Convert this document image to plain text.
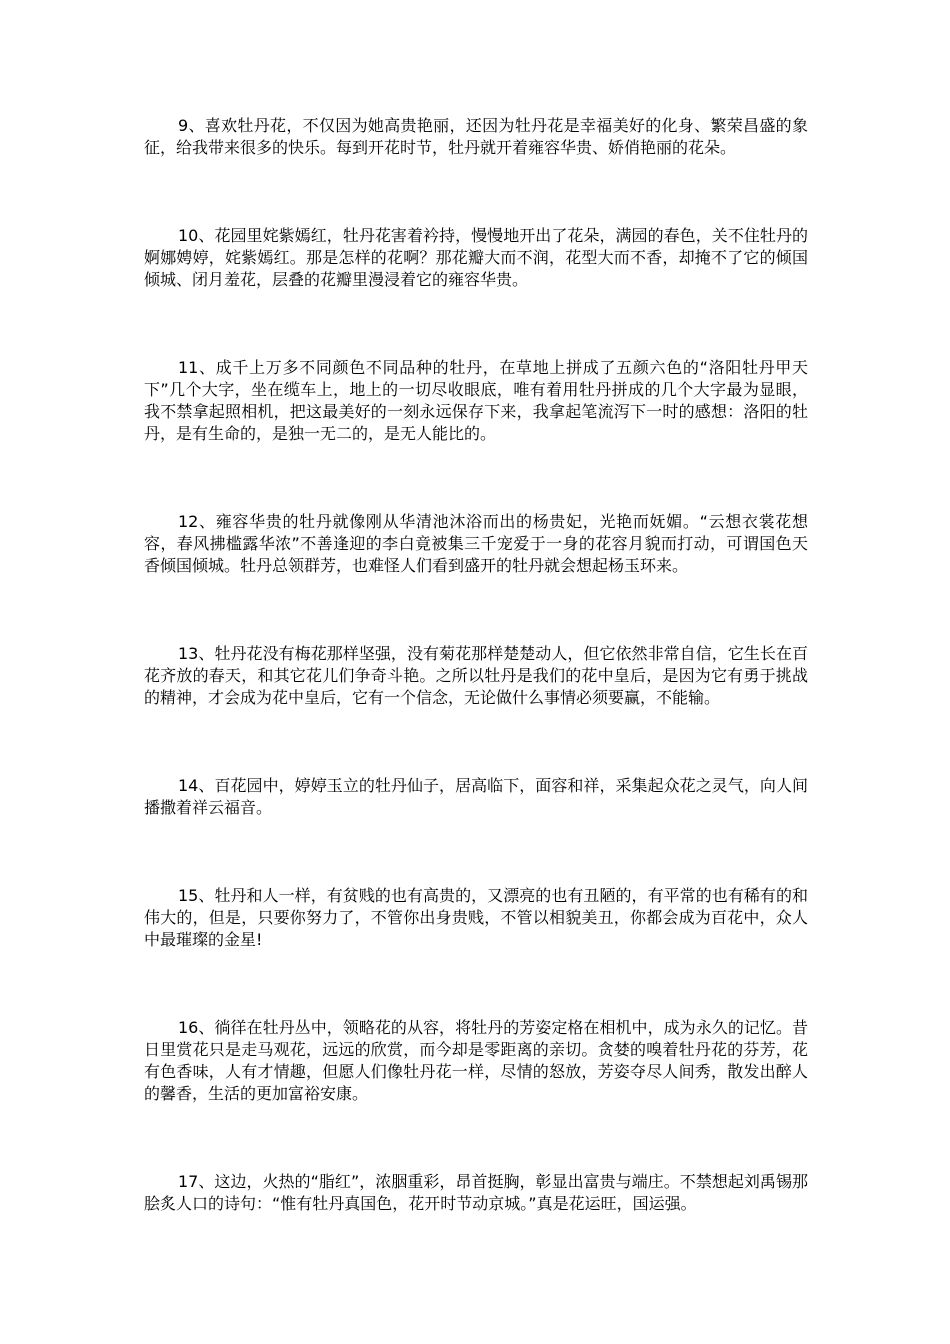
9、喜欢牡丹花，不仅因为她高贵艳丽，还因为牡丹花是幸福美好的化身、繁荣昌盛的象征，给我带来很多的快乐。每到开花时节，牡丹就开着雍容华贵、娇俏艳丽的花朵。

10、花园里姹紫嫣红，牡丹花害着衿持，慢慢地开出了花朵，满园的春色，关不住牡丹的婀娜娉婷，姹紫嫣红。那是怎样的花啊？那花瓣大而不润，花型大而不香，却掩不了它的倾国倾城、闭月羞花，层叠的花瓣里漫浸着它的雍容华贵。

11、成千上万多不同颜色不同品种的牡丹，在草地上拼成了五颜六色的“洛阳牡丹甲天下”几个大字，坐在缆车上，地上的一切尽收眼底，唯有着用牡丹拼成的几个大字最为显眼，我不禁拿起照相机，把这最美好的一刻永远保存下来，我拿起笔流泻下一时的感想：洛阳的牡丹，是有生命的，是独一无二的，是无人能比的。

12、雍容华贵的牡丹就像刚从华清池沐浴而出的杨贵妃，光艳而妩媚。“云想衣裳花想容，春风拂槛露华浓”不善逢迎的李白竟被集三千宠爱于一身的花容月貌而打动，可谓国色天香倾国倾城。牡丹总领群芳，也难怪人们看到盛开的牡丹就会想起杨玉环来。

13、牡丹花没有梅花那样坚强，没有菊花那样楚楚动人，但它依然非常自信，它生长在百花齐放的春天，和其它花儿们争奇斗艳。之所以牡丹是我们的花中皇后，是因为它有勇于挑战的精神，才会成为花中皇后，它有一个信念，无论做什么事情必须要赢，不能输。

14、百花园中，婷婷玉立的牡丹仙子，居高临下，面容和祥，采集起众花之灵气，向人间播撒着祥云福音。

15、牡丹和人一样，有贫贱的也有高贵的，又漂亮的也有丑陋的，有平常的也有稀有的和伟大的，但是，只要你努力了，不管你出身贵贱，不管以相貌美丑，你都会成为百花中，众人中最璀璨的金星!

16、徜徉在牡丹丛中，领略花的从容，将牡丹的芳姿定格在相机中，成为永久的记忆。昔日里赏花只是走马观花，远远的欣赏，而今却是零距离的亲切。贪婪的嗅着牡丹花的芬芳，花有色香味，人有才情趣，但愿人们像牡丹花一样，尽情的怒放，芳姿夺尽人间秀，散发出醉人的馨香，生活的更加富裕安康。

17、这边，火热的“脂红”，浓胭重彩，昂首挺胸，彰显出富贵与端庄。不禁想起刘禹锡那脍炙人口的诗句：“惟有牡丹真国色，花开时节动京城。”真是花运旺，国运强。
